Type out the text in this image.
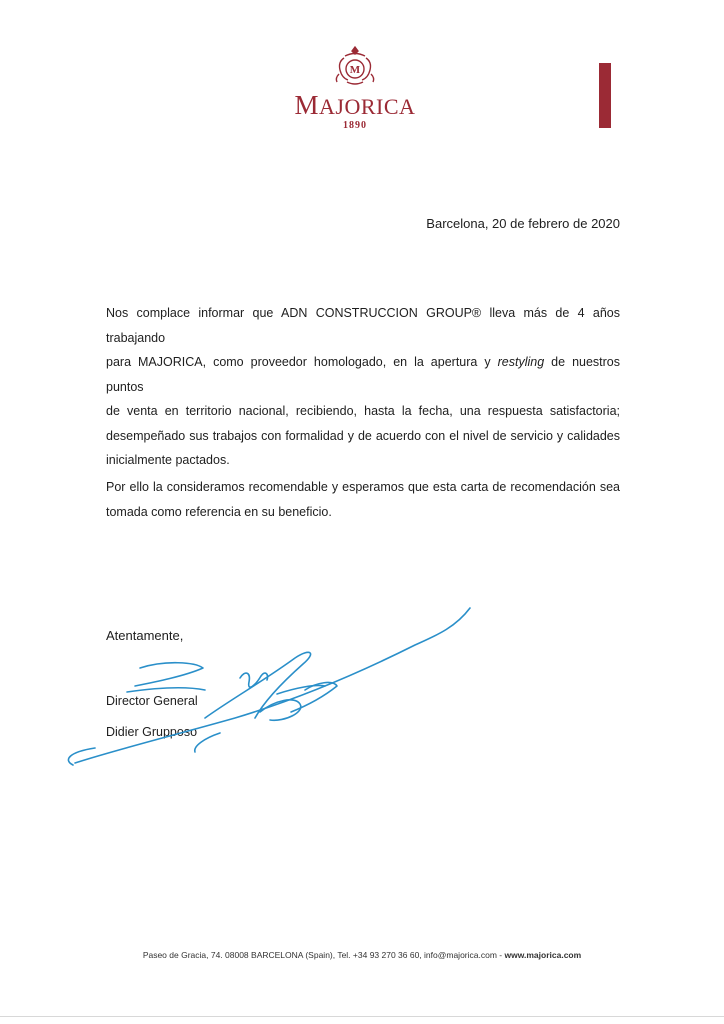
M
MAJORICA
1890
Barcelona, 20 de febrero de 2020
Nos complace informar que ADN CONSTRUCCION GROUP® lleva más de 4 años trabajando
para MAJORICA, como proveedor homologado, en la apertura y restyling de nuestros puntos
de venta en territorio nacional, recibiendo, hasta la fecha, una respuesta satisfactoria;
desempeñado sus trabajos con formalidad y de acuerdo con el nivel de servicio y calidades
inicialmente pactados.
Por ello la consideramos recomendable y esperamos que esta carta de recomendación sea
tomada como referencia en su beneficio.
Atentamente,
Director General
Didier Grupposo
Paseo de Gracia, 74. 08008 BARCELONA (Spain), Tel. +34 93 270 36 60, info@majorica.com - www.majorica.com
